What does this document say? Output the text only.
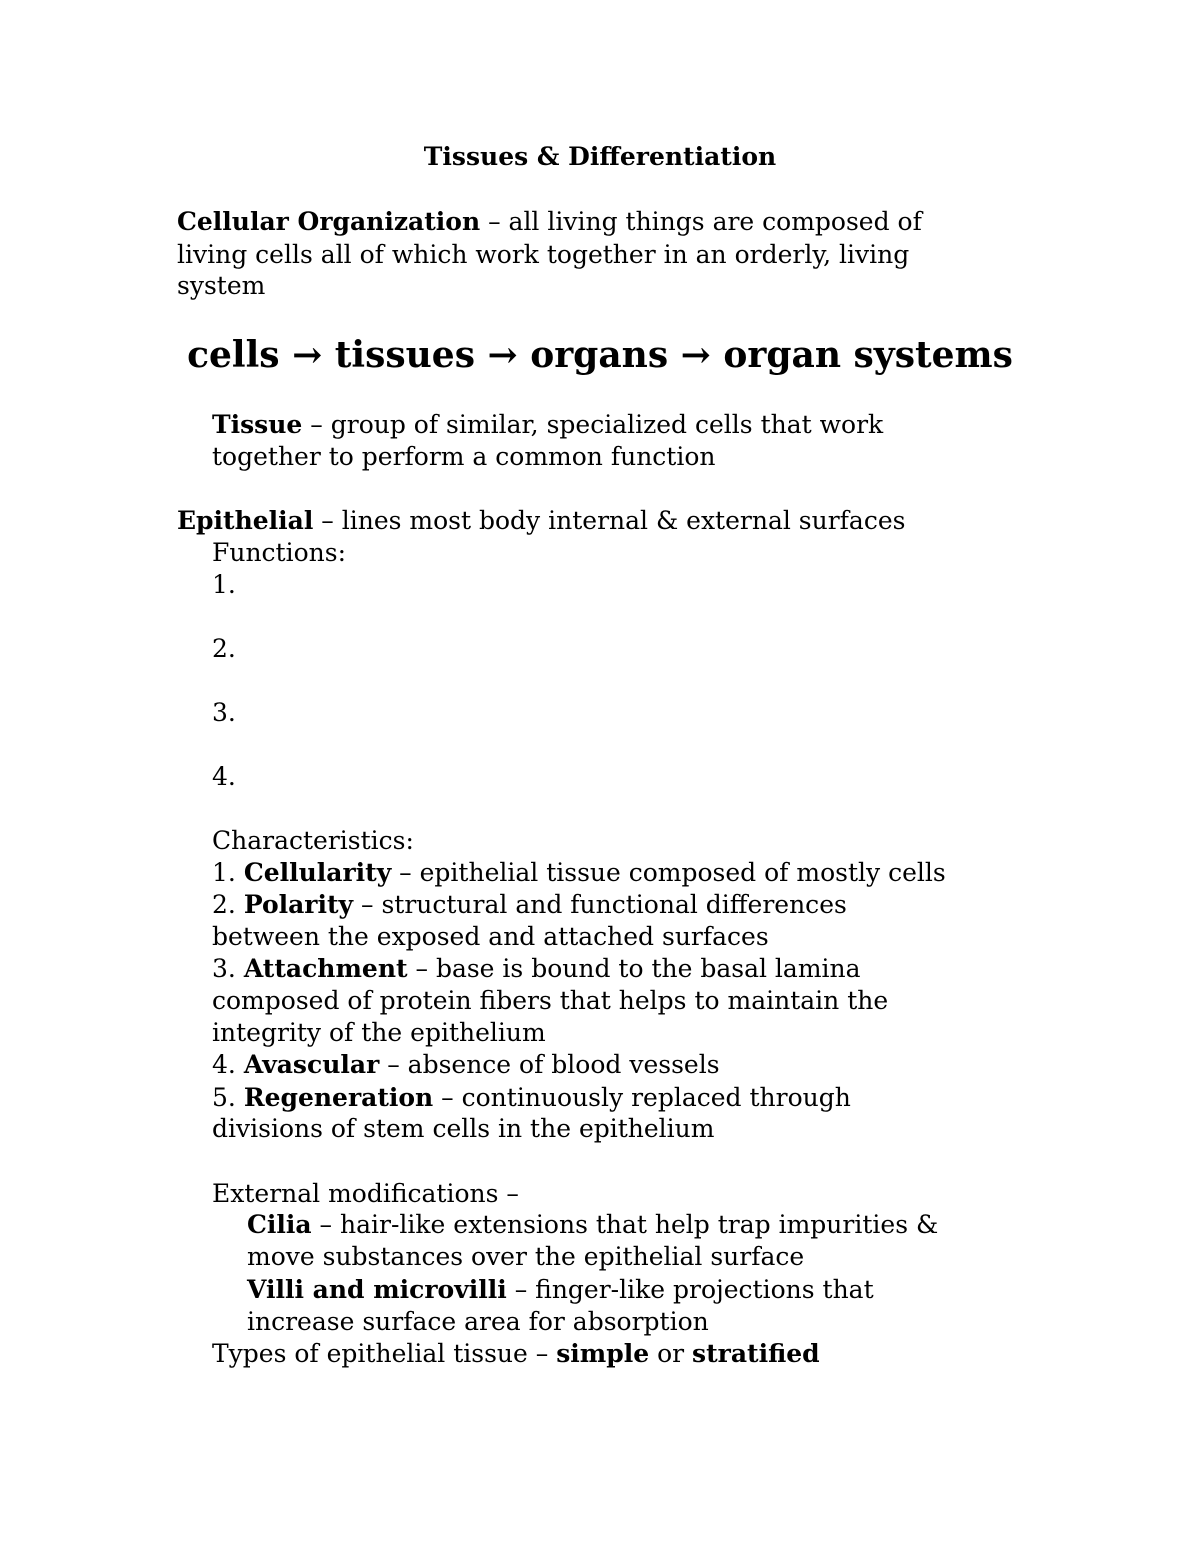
Tissues & Differentiation
Cellular Organization – all living things are composed of
living cells all of which work together in an orderly, living
system
cells → tissues → organs → organ systems
Tissue – group of similar, specialized cells that work
together to perform a common function
Epithelial – lines most body internal & external surfaces
Functions:
1.
2.
3.
4.
Characteristics:
1. Cellularity – epithelial tissue composed of mostly cells
2. Polarity – structural and functional differences
between the exposed and attached surfaces
3. Attachment – base is bound to the basal lamina
composed of protein fibers that helps to maintain the
integrity of the epithelium
4. Avascular – absence of blood vessels
5. Regeneration – continuously replaced through
divisions of stem cells in the epithelium
External modifications –
Cilia – hair-like extensions that help trap impurities &
move substances over the epithelial surface
Villi and microvilli – finger-like projections that
increase surface area for absorption
Types of epithelial tissue – simple or stratified
